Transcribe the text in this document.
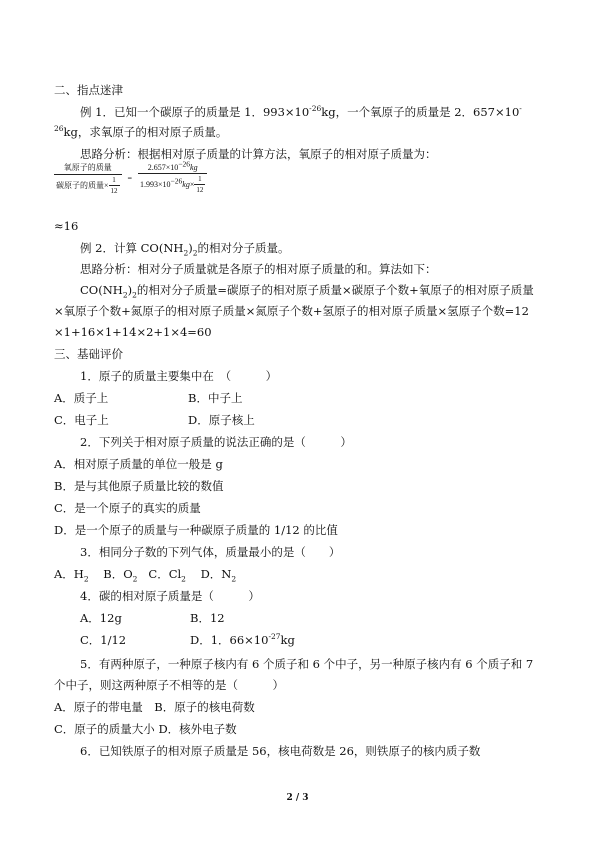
二、指点迷津
例 1．已知一个碳原子的质量是 1．$993\times 10^{-26}kg$，一个氧原子的质量是 2．657×10-
$^{26}$kg，求氧原子的相对原子质量。
思路分析：根据相对原子质量的计算方法，氧原子的相对原子质量为：
氧原子的质量
碳原子的质量× $\frac{1}{12} = \frac{2.657\times 10^{-26}kg}{1.993\times 10^{-26}kg\times \frac{1}{12}}$
≈16
例 2．计算 $CO(NH_2)_2$的相对分子质量。
思路分析：相对分子质量就是各原子的相对原子质量的和。算法如下：
$CO(NH_2)_2$的相对分子质量=碳原子的相对原子质量×碳原子个数+氧原子的相对原子质量
×氧原子个数+氮原子的相对原子质量×氮原子个数+氢原子的相对原子质量×氢原子个数=12
×1+16×1+14×2+1×4=60
三、基础评价
1．原子的质量主要集中在　（　　　）
A．质子上	B．中子上
C．电子上	D．原子核上
2．下列关于相对原子质量的说法正确的是（　　　）
A．相对原子质量的单位一般是 g
B．是与其他原子质量比较的数值
C．是一个原子的真实的质量
D．是一个原子的质量与一种碳原子质量的 1/12 的比值
3．相同分子数的下列气体，质量最小的是（　　）
A．$H_2$ B．$O_2$ C．$Cl_2$ D．$N_2$
4．碳的相对原子质量是（　　　）
A．12g	B．12
C．1/12	D．1．$66\times 10^{-27}kg$
5．有两种原子，一种原子核内有 6 个质子和 6 个中子，另一种原子核内有 6 个质子和 7
个中子，则这两种原子不相等的是（　　　）
A．原子的带电量　B．原子的核电荷数
C．原子的质量大小 D．核外电子数
6．已知铁原子的相对原子质量是 56，核电荷数是 26，则铁原子的核内质子数
2 / 3
